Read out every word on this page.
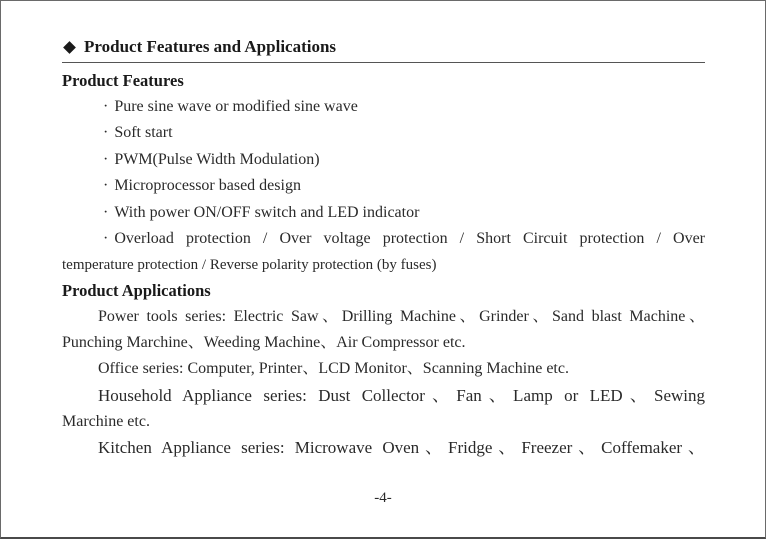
Product Features and Applications
Product Features
· Pure sine wave or modified sine wave
· Soft start
· PWM(Pulse Width Modulation)
· Microprocessor based design
· With power ON/OFF switch and LED indicator
· Overload protection / Over voltage protection / Short Circuit protection / Over
temperature protection / Reverse polarity protection (by fuses)
Product Applications
Power tools series: Electric Saw、Drilling Machine、Grinder、Sand blast Machine、
Punching Marchine、Weeding Machine、Air Compressor etc.
Office series: Computer, Printer、LCD Monitor、Scanning Machine etc.
Household Appliance series: Dust Collector、Fan、Lamp or LED、Sewing
Marchine etc.
Kitchen Appliance series: Microwave Oven、Fridge、Freezer、Coffemaker、
-4-
